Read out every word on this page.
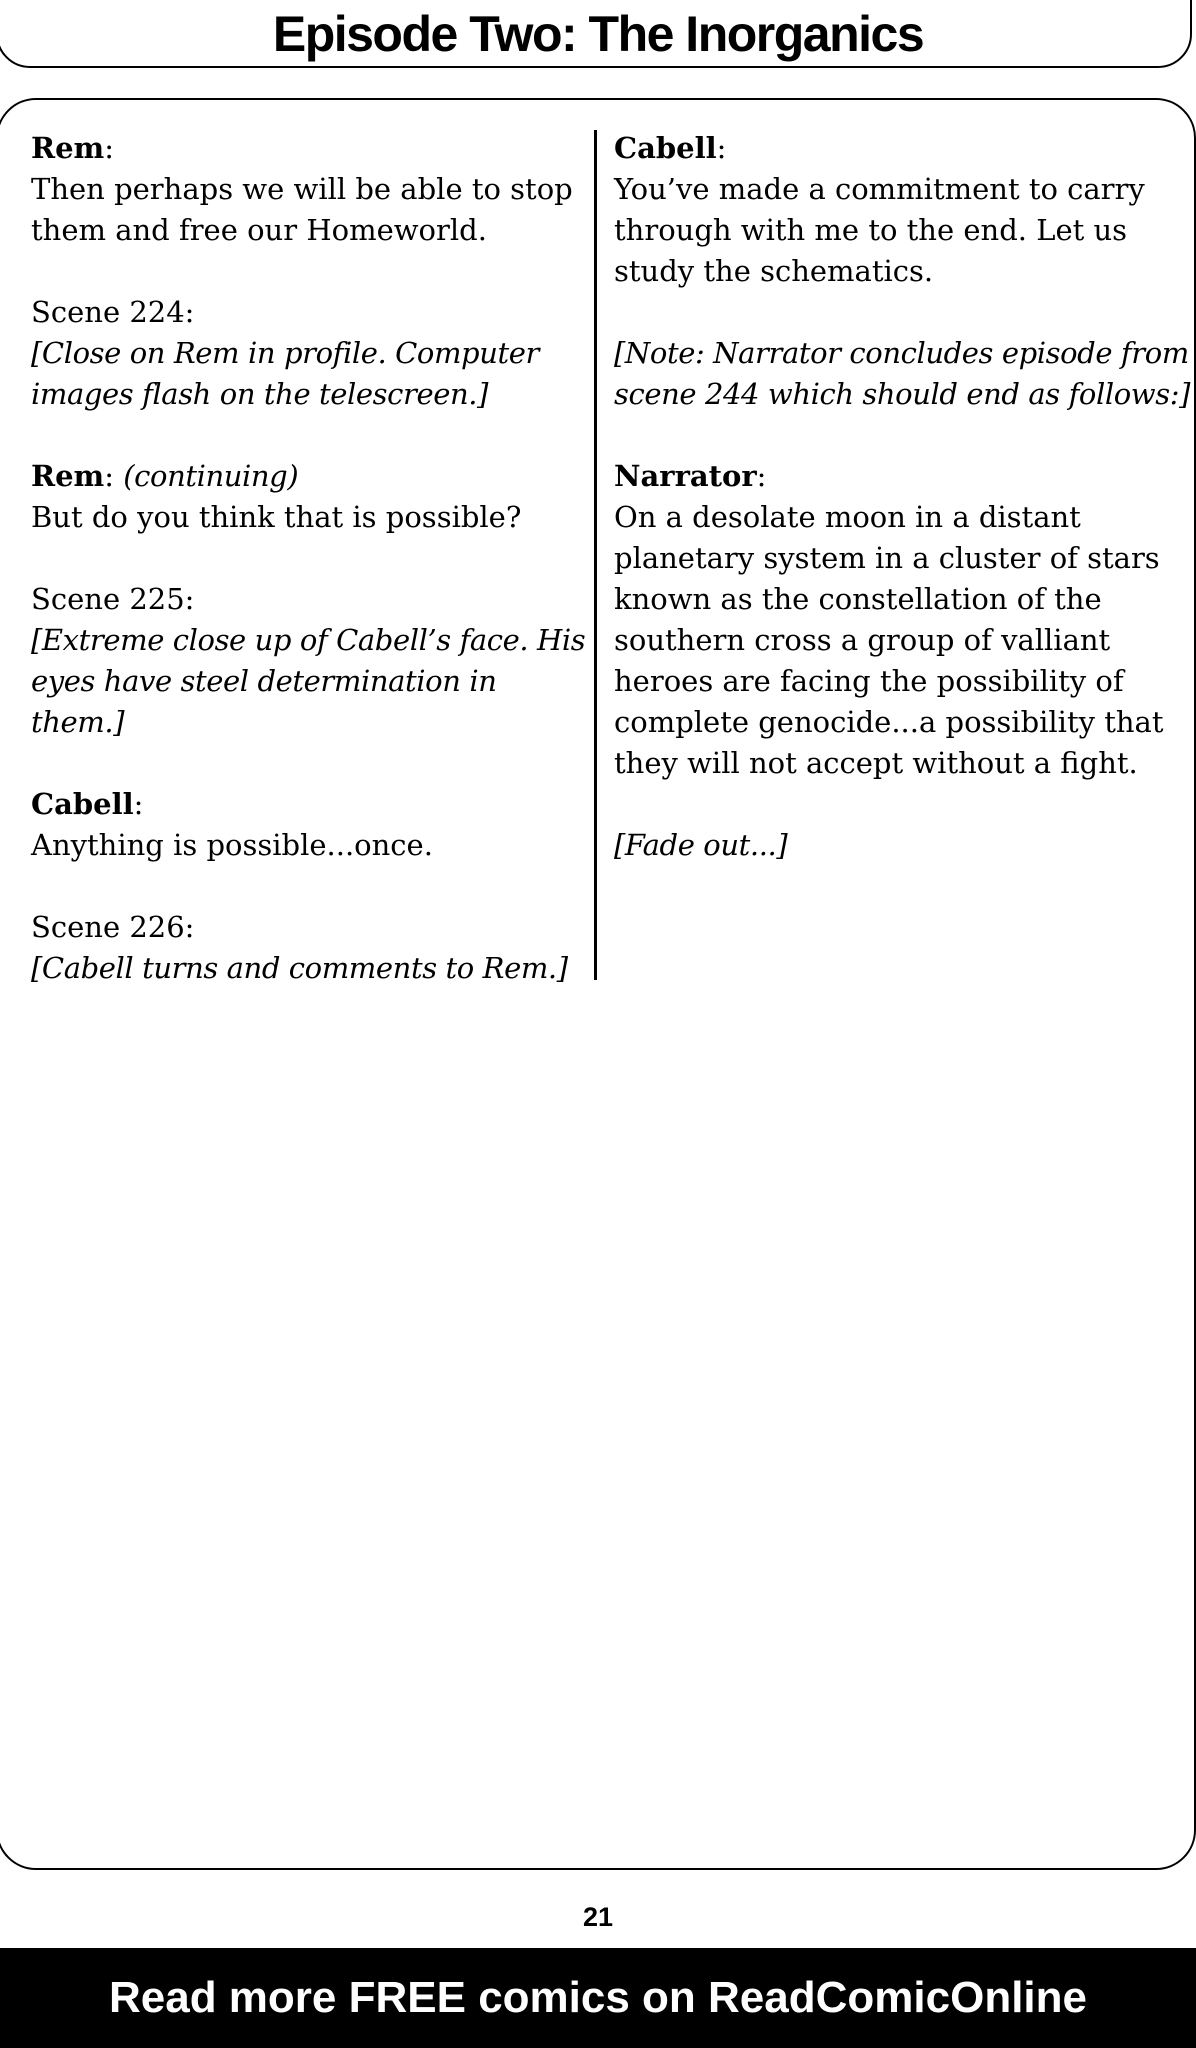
Episode Two: The Inorganics
Rem:
Then perhaps we will be able to stop them and free our Homeworld.
Scene 224:
[Close on Rem in profile. Computer images flash on the telescreen.]
Rem: (continuing)
But do you think that is possible?
Scene 225:
[Extreme close up of Cabell’s face. His eyes have steel determination in them.]
Cabell:
Anything is possible...once.
Scene 226:
[Cabell turns and comments to Rem.]
Cabell:
You’ve made a commitment to carry through with me to the end. Let us study the schematics.
[Note: Narrator concludes episode from scene 244 which should end as follows:]
Narrator:
On a desolate moon in a distant planetary system in a cluster of stars known as the constellation of the southern cross a group of valliant heroes are facing the possibility of complete genocide...a possibility that they will not accept without a fight.
[Fade out...]
21
Read more FREE comics on ReadComicOnline
